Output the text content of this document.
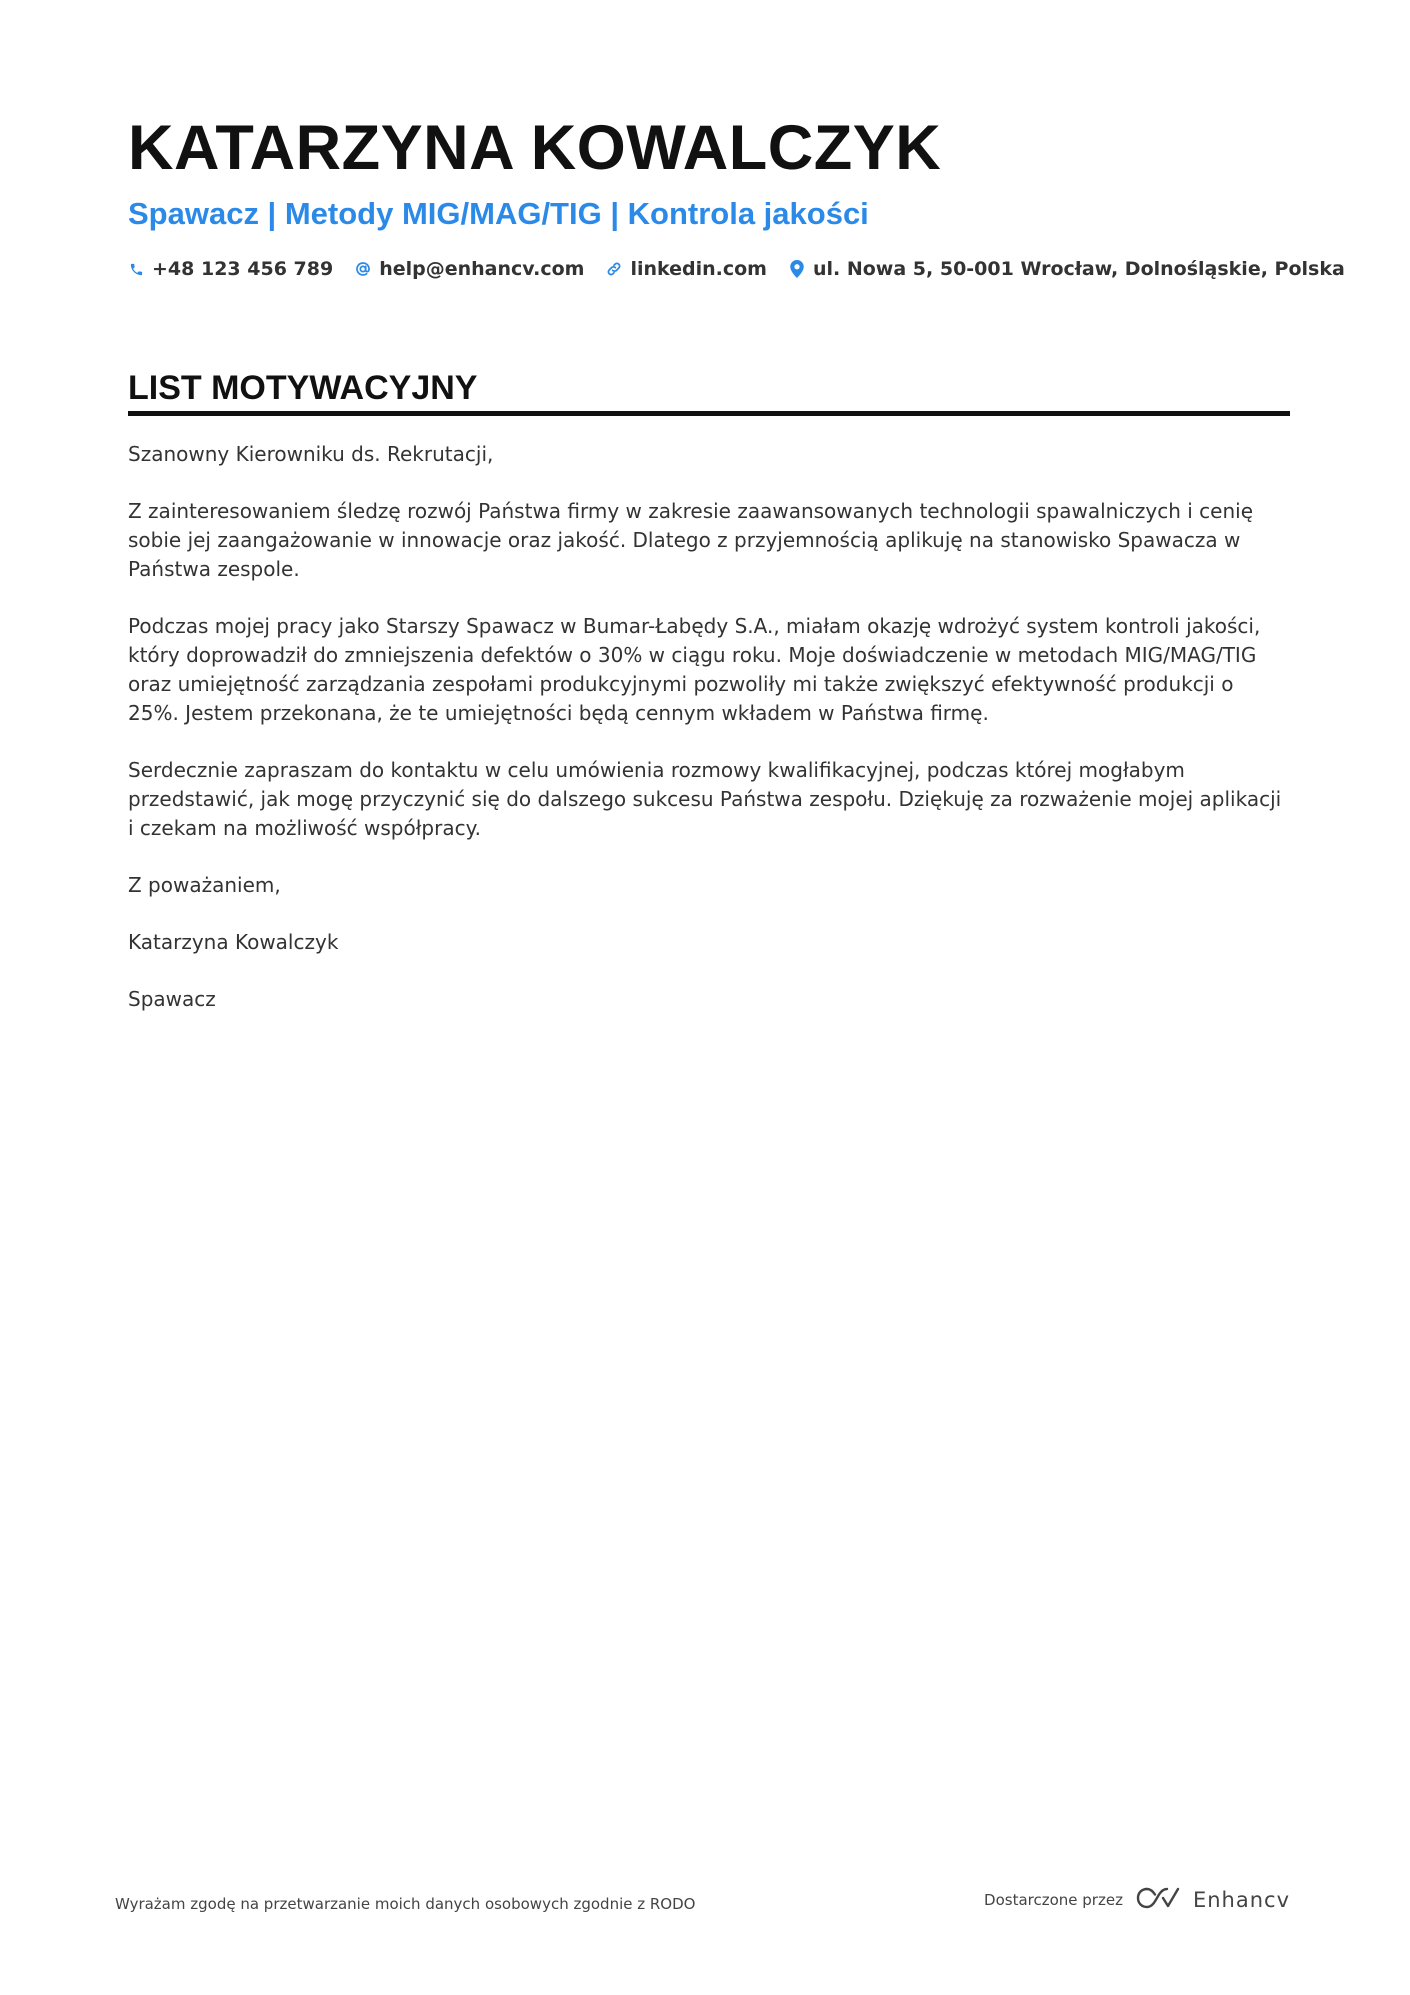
KATARZYNA KOWALCZYK
Spawacz | Metody MIG/MAG/TIG | Kontrola jakości
+48 123 456 789 help@enhancv.com linkedin.com ul. Nowa 5, 50-001 Wrocław, Dolnośląskie, Polska
LIST MOTYWACYJNY

Szanowny Kierowniku ds. Rekrutacji,

Z zainteresowaniem śledzę rozwój Państwa firmy w zakresie zaawansowanych technologii spawalniczych i cenię sobie jej zaangażowanie w innowacje oraz jakość. Dlatego z przyjemnością aplikuję na stanowisko Spawacza w Państwa zespole.

Podczas mojej pracy jako Starszy Spawacz w Bumar-Łabędy S.A., miałam okazję wdrożyć system kontroli jakości, który doprowadził do zmniejszenia defektów o 30% w ciągu roku. Moje doświadczenie w metodach MIG/MAG/TIG oraz umiejętność zarządzania zespołami produkcyjnymi pozwoliły mi także zwiększyć efektywność produkcji o 25%. Jestem przekonana, że te umiejętności będą cennym wkładem w Państwa firmę.

Serdecznie zapraszam do kontaktu w celu umówienia rozmowy kwalifikacyjnej, podczas której mogłabym przedstawić, jak mogę przyczynić się do dalszego sukcesu Państwa zespołu. Dziękuję za rozważenie mojej aplikacji i czekam na możliwość współpracy.

Z poważaniem,

Katarzyna Kowalczyk

Spawacz

Wyrażam zgodę na przetwarzanie moich danych osobowych zgodnie z RODO	Dostarczone przez	Enhancv
